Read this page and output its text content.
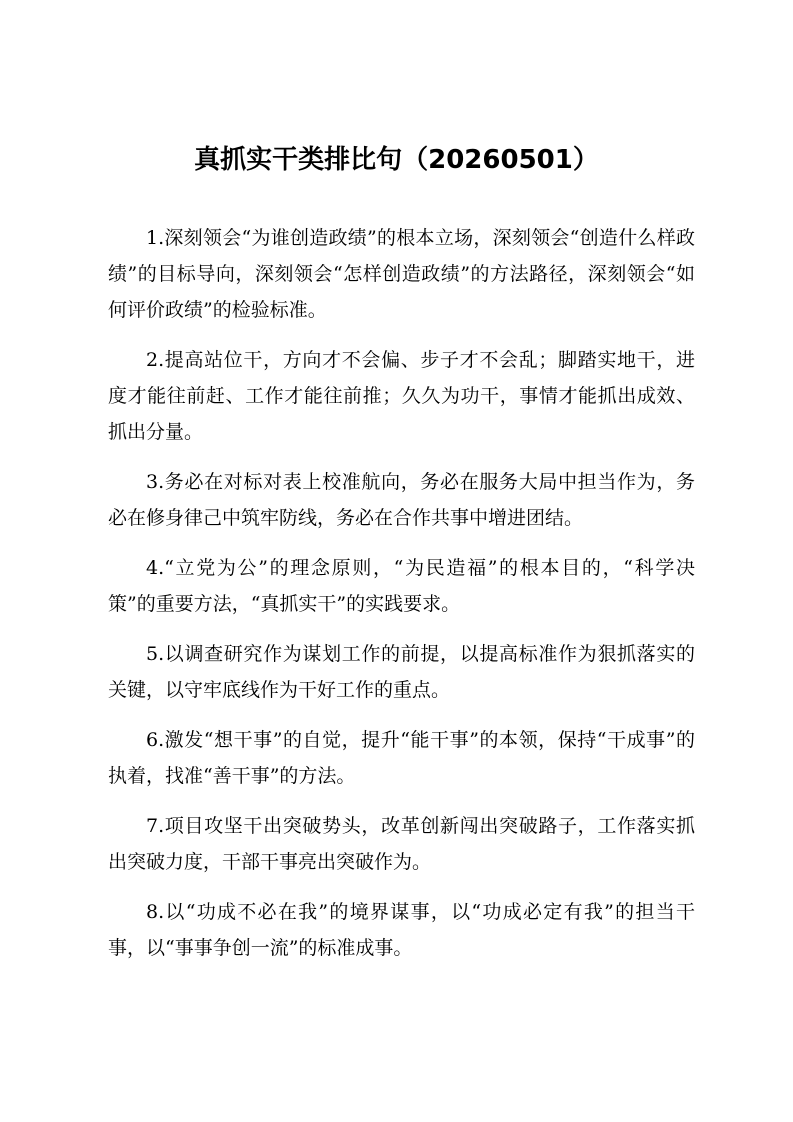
真抓实干类排比句（20260501）

1.深刻领会“为谁创造政绩”的根本立场，深刻领会“创造什么样政绩”的目标导向，深刻领会“怎样创造政绩”的方法路径，深刻领会“如何评价政绩”的检验标准。

2.提高站位干，方向才不会偏、步子才不会乱；脚踏实地干，进度才能往前赶、工作才能往前推；久久为功干，事情才能抓出成效、抓出分量。

3.务必在对标对表上校准航向，务必在服务大局中担当作为，务必在修身律己中筑牢防线，务必在合作共事中增进团结。

4.“立党为公”的理念原则，“为民造福”的根本目的，“科学决策”的重要方法，“真抓实干”的实践要求。

5.以调查研究作为谋划工作的前提，以提高标准作为狠抓落实的关键，以守牢底线作为干好工作的重点。

6.激发“想干事”的自觉，提升“能干事”的本领，保持“干成事”的执着，找准“善干事”的方法。

7.项目攻坚干出突破势头，改革创新闯出突破路子，工作落实抓出突破力度，干部干事亮出突破作为。

8.以“功成不必在我”的境界谋事，以“功成必定有我”的担当干事，以“事事争创一流”的标准成事。
